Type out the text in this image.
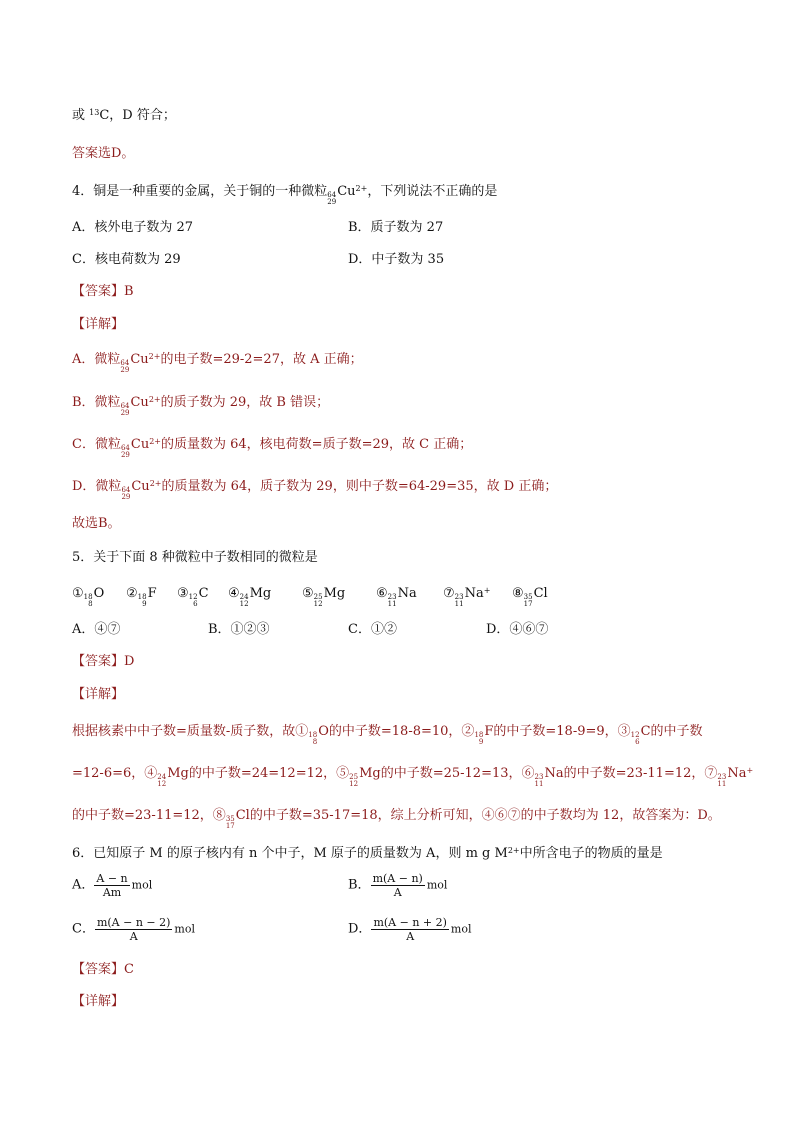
或 $^{13}$C，D 符合；
答案选D。
4．铜是一种重要的金属，关于铜的一种微粒 64
29
$Cu^{2+}$，下列说法不正确的是
A．核外电子数为 27	B．质子数为 27
C．核电荷数为 29	D．中子数为 35
【答案】B
【详解】
A．微粒 64
29
$Cu^{2+}$的电子数=29-2=27，故 A 正确；
B．微粒 64
29
$Cu^{2+}$的质子数为 29，故 B 错误；
C．微粒 64
29
$Cu^{2+}$的质量数为 64，核电荷数=质子数=29，故 C 正确；
D．微粒 64
29
$Cu^{2+}$的质量数为 64，质子数为 29，则中子数=64-29=35，故 D 正确；
故选B。
5．关于下面 8 种微粒中子数相同的微粒是
① 18
8
O ② 18
9
F ③ 12
6
C ④ 24
12
Mg ⑤ 25
12
Mg ⑥ 23
11
Na ⑦ 23
11
Na+ ⑧ 35
17
Cl
A．④⑦	B．①②③	C．①②	D．④⑥⑦
【答案】D
【详解】
根据核素中中子数=质量数-质子数，故① 18
8
O的中子数=18-8=10，② 18
9
F的中子数=18-9=9，③ 12
6
C的中子数
=12-6=6，④ 24
12
Mg的中子数=24=12=12，⑤ 25
12
Mg的中子数=25-12=13，⑥ 23
11
Na的中子数=23-11=12，⑦ 23
11
Na+
的中子数=23-11=12，⑧ 35
17
Cl的中子数=35-17=18，综上分析可知，④⑥⑦的中子数均为 12，故答案为：D。
6．已知原子 M 的原子核内有 n 个中子，M 原子的质量数为 A，则 m g $M^{2+}$中所含电子的物质的量是
A． $\frac{A - n}{Am}$ mol	B． $\frac{m(A - n)}{A}$ mol
C． $\frac{m(A - n - 2)}{A}$ mol	D． $\frac{m(A - n + 2)}{A}$ mol
【答案】C
【详解】
